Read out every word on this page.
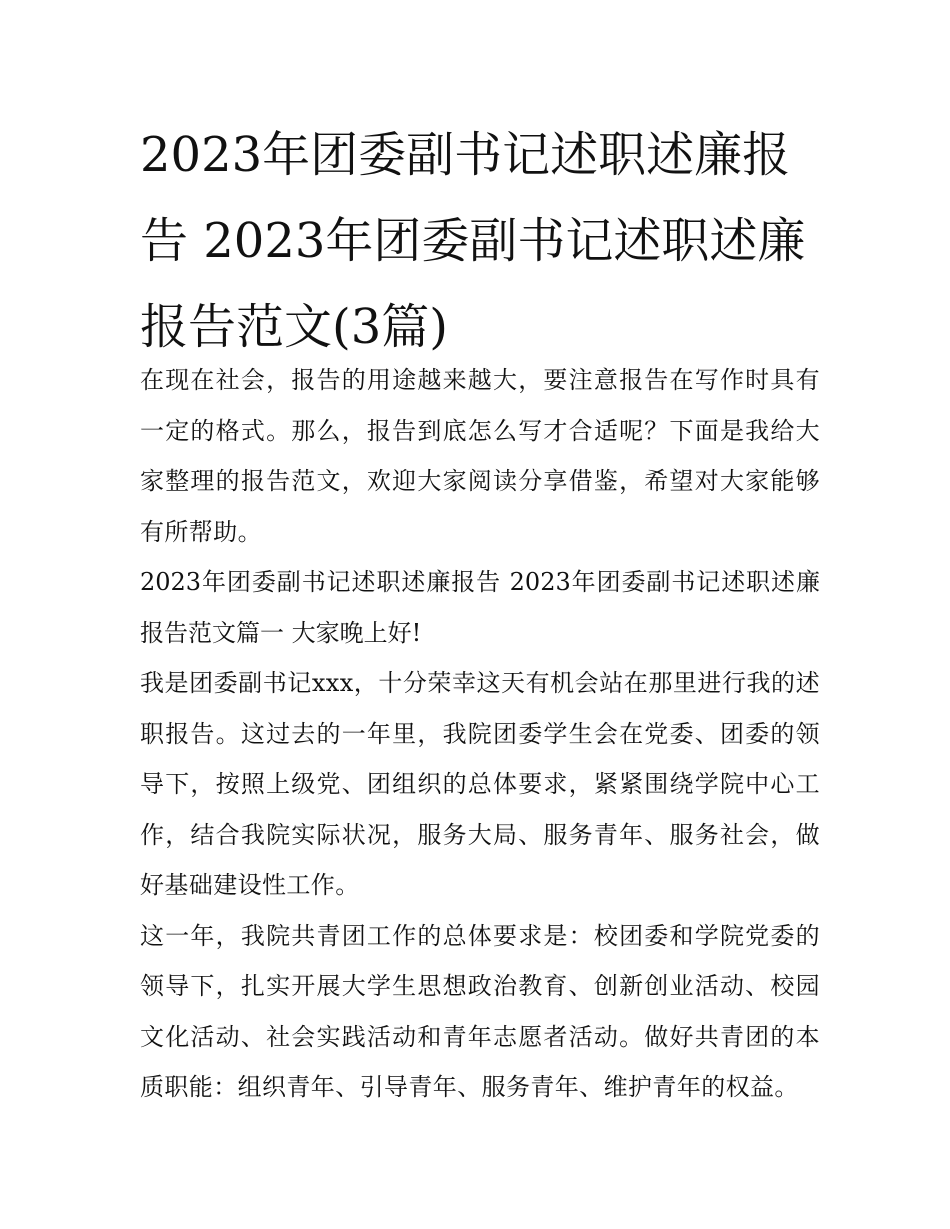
2023年团委副书记述职述廉报告 2023年团委副书记述职述廉报告范文(3篇)

在现在社会，报告的用途越来越大，要注意报告在写作时具有一定的格式。那么，报告到底怎么写才合适呢？下面是我给大家整理的报告范文，欢迎大家阅读分享借鉴，希望对大家能够有所帮助。

2023年团委副书记述职述廉报告 2023年团委副书记述职述廉报告范文篇一 大家晚上好!

我是团委副书记xxx，十分荣幸这天有机会站在那里进行我的述职报告。这过去的一年里，我院团委学生会在党委、团委的领导下，按照上级党、团组织的总体要求，紧紧围绕学院中心工作，结合我院实际状况，服务大局、服务青年、服务社会，做好基础建设性工作。

这一年，我院共青团工作的总体要求是：校团委和学院党委的领导下，扎实开展大学生思想政治教育、创新创业活动、校园文化活动、社会实践活动和青年志愿者活动。做好共青团的本质职能：组织青年、引导青年、服务青年、维护青年的权益。
